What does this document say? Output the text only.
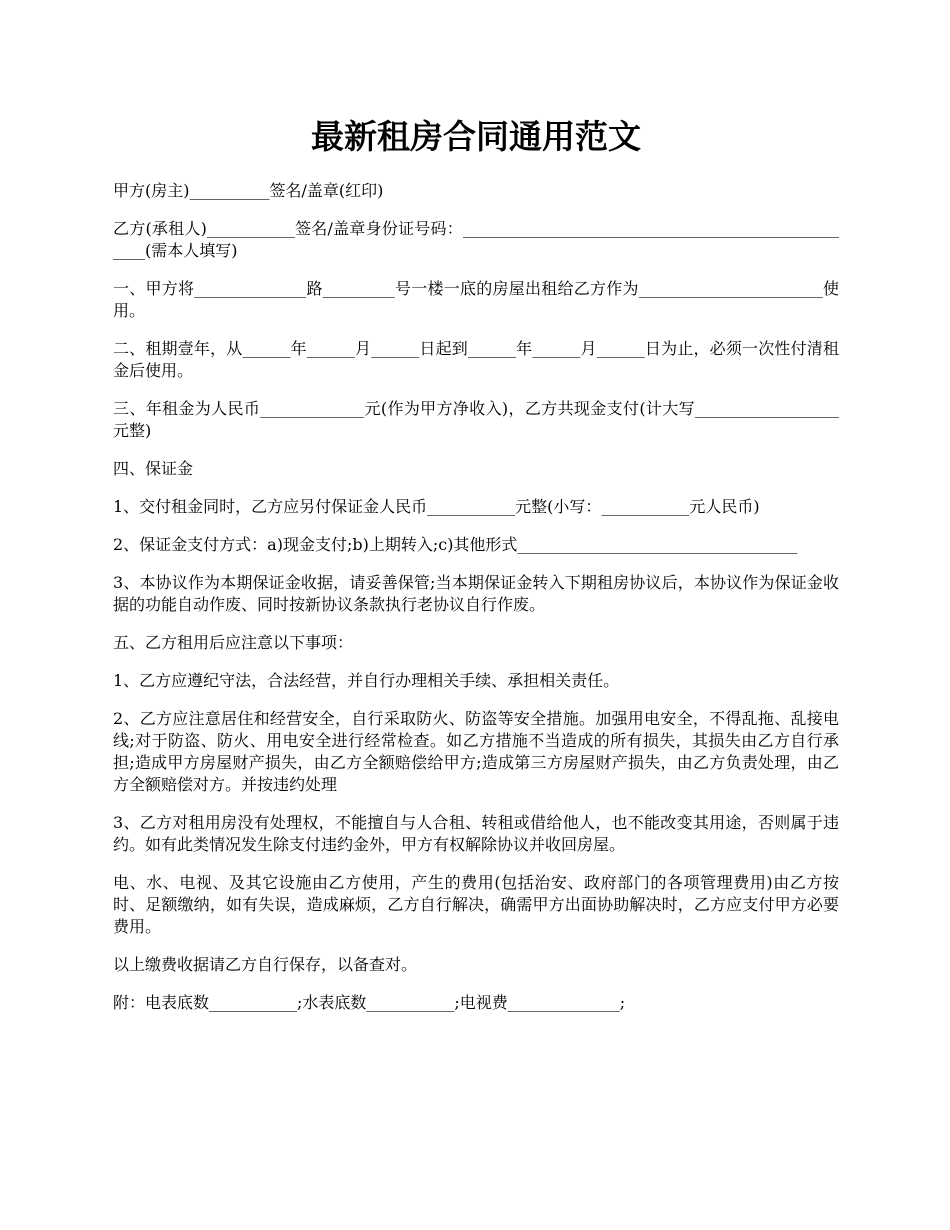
最新租房合同通用范文

甲方(房主)__________签名/盖章(红印)

乙方(承租人)___________签名/盖章身份证号码：___________________________________________________(需本人填写)

一、甲方将______________路_________号一楼一底的房屋出租给乙方作为_______________________使用。

二、租期壹年，从______年______月______日起到______年______月______日为止，必须一次性付清租金后使用。

三、年租金为人民币_____________元(作为甲方净收入)，乙方共现金支付(计大写__________________元整)

四、保证金

1、交付租金同时，乙方应另付保证金人民币___________元整(小写：___________元人民币)

2、保证金支付方式：a)现金支付;b)上期转入;c)其他形式___________________________________

3、本协议作为本期保证金收据，请妥善保管;当本期保证金转入下期租房协议后，本协议作为保证金收据的功能自动作废、同时按新协议条款执行老协议自行作废。

五、乙方租用后应注意以下事项：

1、乙方应遵纪守法，合法经营，并自行办理相关手续、承担相关责任。

2、乙方应注意居住和经营安全，自行采取防火、防盗等安全措施。加强用电安全，不得乱拖、乱接电线;对于防盗、防火、用电安全进行经常检查。如乙方措施不当造成的所有损失，其损失由乙方自行承担;造成甲方房屋财产损失，由乙方全额赔偿给甲方;造成第三方房屋财产损失，由乙方负责处理，由乙方全额赔偿对方。并按违约处理

3、乙方对租用房没有处理权，不能擅自与人合租、转租或借给他人，也不能改变其用途，否则属于违约。如有此类情况发生除支付违约金外，甲方有权解除协议并收回房屋。

电、水、电视、及其它设施由乙方使用，产生的费用(包括治安、政府部门的各项管理费用)由乙方按时、足额缴纳，如有失误，造成麻烦，乙方自行解决，确需甲方出面协助解决时，乙方应支付甲方必要费用。

以上缴费收据请乙方自行保存，以备查对。

附：电表底数___________;水表底数___________;电视费______________;
